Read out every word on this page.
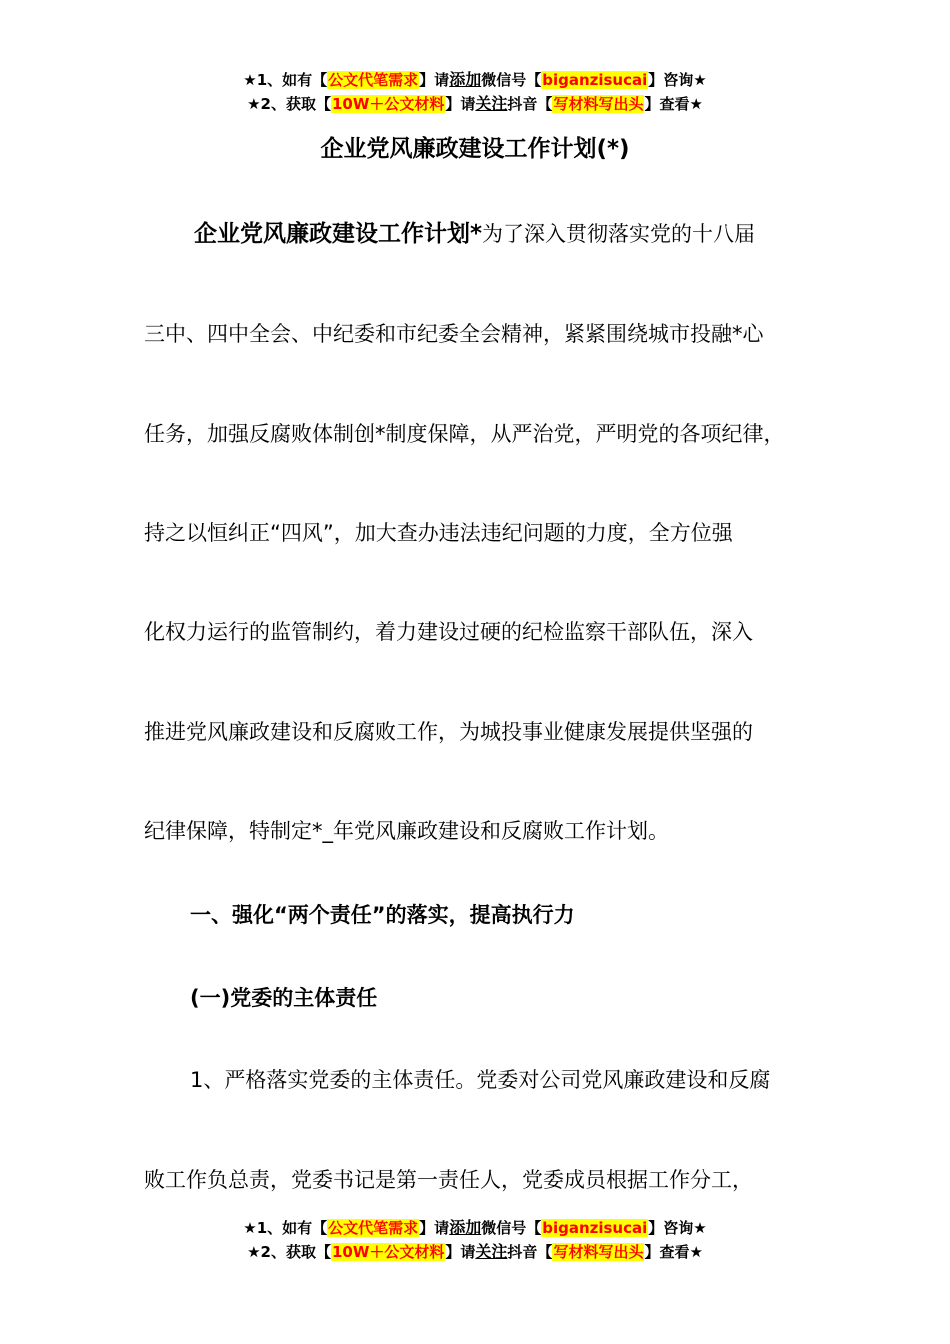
★1、如有【公文代笔需求】请添加微信号【biganzisucai】咨询★
★2、获取【10W＋公文材料】请关注抖音【写材料写出头】查看★
企业党风廉政建设工作计划(*)
企业党风廉政建设工作计划*为了深入贯彻落实党的十八届
三中、四中全会、中纪委和市纪委全会精神，紧紧围绕城市投融*心
任务，加强反腐败体制创*制度保障，从严治党，严明党的各项纪律，
持之以恒纠正“四风”，加大查办违法违纪问题的力度，全方位强
化权力运行的监管制约，着力建设过硬的纪检监察干部队伍，深入
推进党风廉政建设和反腐败工作，为城投事业健康发展提供坚强的
纪律保障，特制定*_年党风廉政建设和反腐败工作计划。
一、强化“两个责任”的落实，提高执行力
(一)党委的主体责任
1、严格落实党委的主体责任。党委对公司党风廉政建设和反腐
败工作负总责，党委书记是第一责任人，党委成员根据工作分工，
★1、如有【公文代笔需求】请添加微信号【biganzisucai】咨询★
★2、获取【10W＋公文材料】请关注抖音【写材料写出头】查看★
